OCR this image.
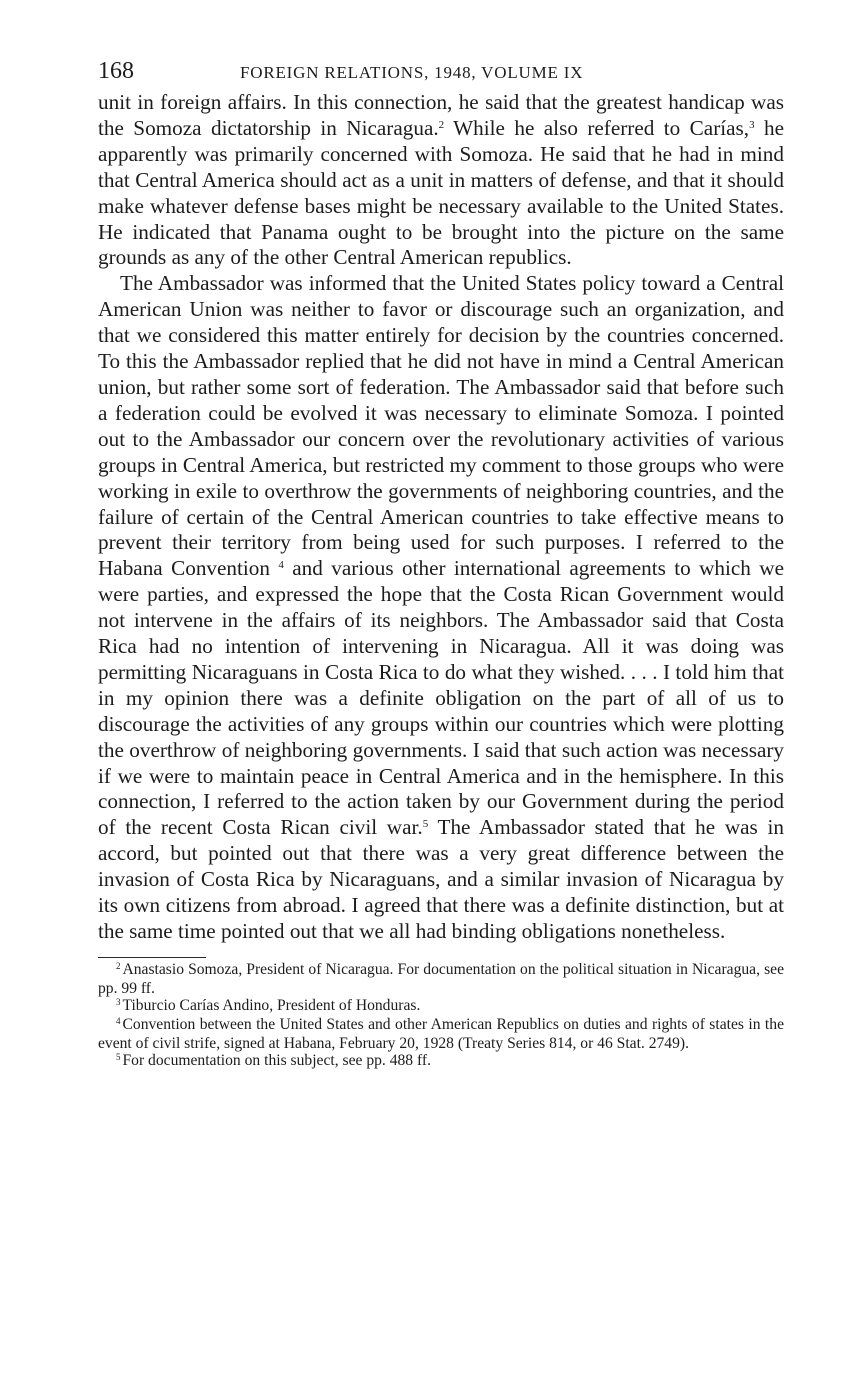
168	FOREIGN RELATIONS, 1948, VOLUME IX

unit in foreign affairs. In this connection, he said that the greatest handicap was the Somoza dictatorship in Nicaragua.$^2$ While he also referred to Carías,$^3$ he apparently was primarily concerned with Somoza. He said that he had in mind that Central America should act as a unit in matters of defense, and that it should make whatever defense bases might be necessary available to the United States. He indicated that Panama ought to be brought into the picture on the same grounds as any of the other Central American republics.

The Ambassador was informed that the United States policy toward a Central American Union was neither to favor or discourage such an organization, and that we considered this matter entirely for decision by the countries concerned. To this the Ambassador replied that he did not have in mind a Central American union, but rather some sort of federation. The Ambassador said that before such a federation could be evolved it was necessary to eliminate Somoza. I pointed out to the Ambassador our concern over the revolutionary activities of various groups in Central America, but restricted my comment to those groups who were working in exile to overthrow the governments of neighboring countries, and the failure of certain of the Central American countries to take effective means to prevent their territory from being used for such purposes. I referred to the Habana Convention $^4$ and various other international agreements to which we were parties, and expressed the hope that the Costa Rican Government would not intervene in the affairs of its neighbors. The Ambassador said that Costa Rica had no intention of intervening in Nicaragua. All it was doing was permitting Nicaraguans in Costa Rica to do what they wished. . . . I told him that in my opinion there was a definite obligation on the part of all of us to discourage the activities of any groups within our countries which were plotting the overthrow of neighboring governments. I said that such action was necessary if we were to maintain peace in Central America and in the hemisphere. In this connection, I referred to the action taken by our Government during the period of the recent Costa Rican civil war.$^5$ The Ambassador stated that he was in accord, but pointed out that there was a very great difference between the invasion of Costa Rica by Nicaraguans, and a similar invasion of Nicaragua by its own citizens from abroad. I agreed that there was a definite distinction, but at the same time pointed out that we all had binding obligations nonetheless.

$^2$ Anastasio Somoza, President of Nicaragua. For documentation on the political situation in Nicaragua, see pp. 99 ff.

$^3$ Tiburcio Carías Andino, President of Honduras.

$^4$ Convention between the United States and other American Republics on duties and rights of states in the event of civil strife, signed at Habana, February 20, 1928 (Treaty Series 814, or 46 Stat. 2749).

$^5$ For documentation on this subject, see pp. 488 ff.
